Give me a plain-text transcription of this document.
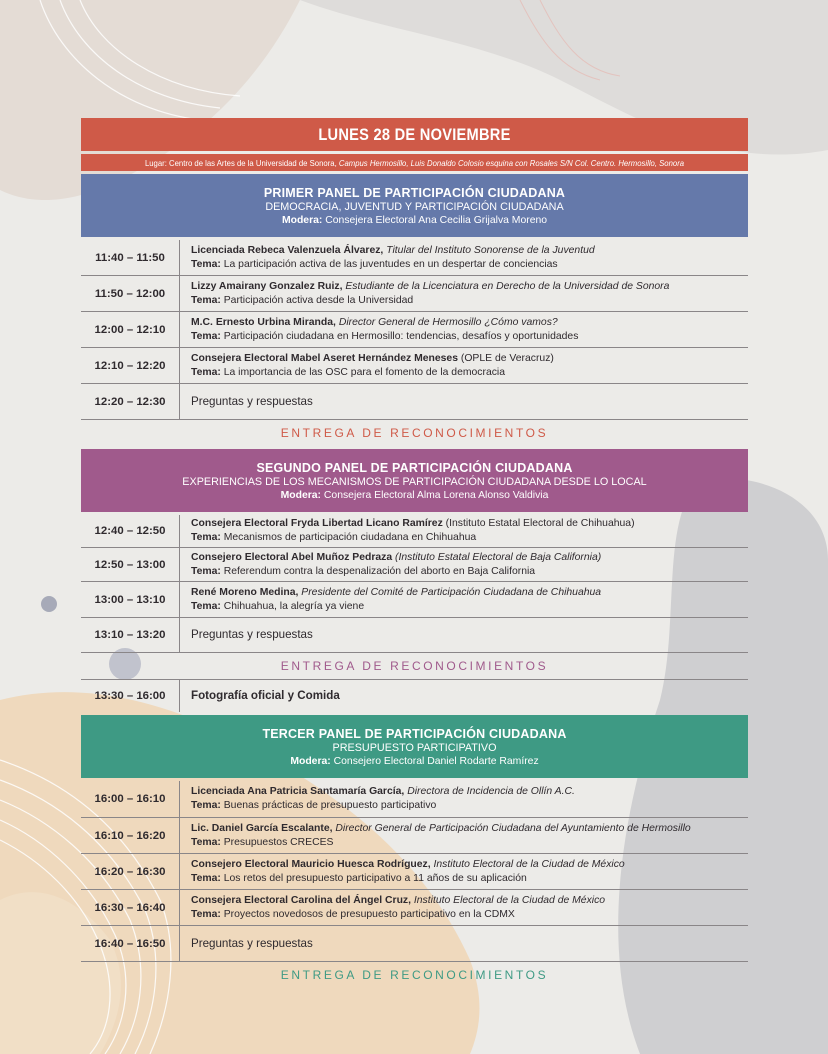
LUNES 28 DE NOVIEMBRE
Lugar: Centro de las Artes de la Universidad de Sonora, Campus Hermosillo, Luis Donaldo Colosio esquina con Rosales S/N Col. Centro. Hermosillo, Sonora
PRIMER PANEL DE PARTICIPACIÓN CIUDADANA
DEMOCRACIA, JUVENTUD Y PARTICIPACIÓN CIUDADANA
Modera: Consejera Electoral Ana Cecilia Grijalva Moreno
11:40 – 11:50
Licenciada Rebeca Valenzuela Álvarez, Titular del Instituto Sonorense de la Juventud
Tema: La participación activa de las juventudes en un despertar de conciencias
11:50 – 12:00
Lizzy Amairany Gonzalez Ruiz, Estudiante de la Licenciatura en Derecho de la Universidad de Sonora
Tema: Participación activa desde la Universidad
12:00 – 12:10
M.C. Ernesto Urbina Miranda, Director General de Hermosillo ¿Cómo vamos?
Tema: Participación ciudadana en Hermosillo: tendencias, desafíos y oportunidades
12:10 – 12:20
Consejera Electoral Mabel Aseret Hernández Meneses (OPLE de Veracruz)
Tema: La importancia de las OSC para el fomento de la democracia
12:20 – 12:30	Preguntas y respuestas
ENTREGA DE RECONOCIMIENTOS
SEGUNDO PANEL DE PARTICIPACIÓN CIUDADANA
EXPERIENCIAS DE LOS MECANISMOS DE PARTICIPACIÓN CIUDADANA DESDE LO LOCAL
Modera: Consejera Electoral Alma Lorena Alonso Valdivia
12:40 – 12:50
Consejera Electoral Fryda Libertad Licano Ramírez (Instituto Estatal Electoral de Chihuahua)
Tema: Mecanismos de participación ciudadana en Chihuahua
12:50 – 13:00
Consejero Electoral Abel Muñoz Pedraza (Instituto Estatal Electoral de Baja California)
Tema: Referendum contra la despenalización del aborto en Baja California
13:00 – 13:10
René Moreno Medina, Presidente del Comité de Participación Ciudadana de Chihuahua
Tema: Chihuahua, la alegría ya viene
13:10 – 13:20	Preguntas y respuestas
ENTREGA DE RECONOCIMIENTOS
13:30 – 16:00	Fotografía oficial y Comida
TERCER PANEL DE PARTICIPACIÓN CIUDADANA
PRESUPUESTO PARTICIPATIVO
Modera: Consejero Electoral Daniel Rodarte Ramírez
16:00 – 16:10
Licenciada Ana Patricia Santamaría García, Directora de Incidencia de Ollín A.C.
Tema: Buenas prácticas de presupuesto participativo
16:10 – 16:20
Lic. Daniel García Escalante, Director General de Participación Ciudadana del Ayuntamiento de Hermosillo
Tema: Presupuestos CRECES
16:20 – 16:30
Consejero Electoral Mauricio Huesca Rodríguez, Instituto Electoral de la Ciudad de México
Tema: Los retos del presupuesto participativo a 11 años de su aplicación
16:30 – 16:40
Consejera Electoral Carolina del Ángel Cruz, Instituto Electoral de la Ciudad de México
Tema: Proyectos novedosos de presupuesto participativo en la CDMX
16:40 – 16:50	Preguntas y respuestas
ENTREGA DE RECONOCIMIENTOS
